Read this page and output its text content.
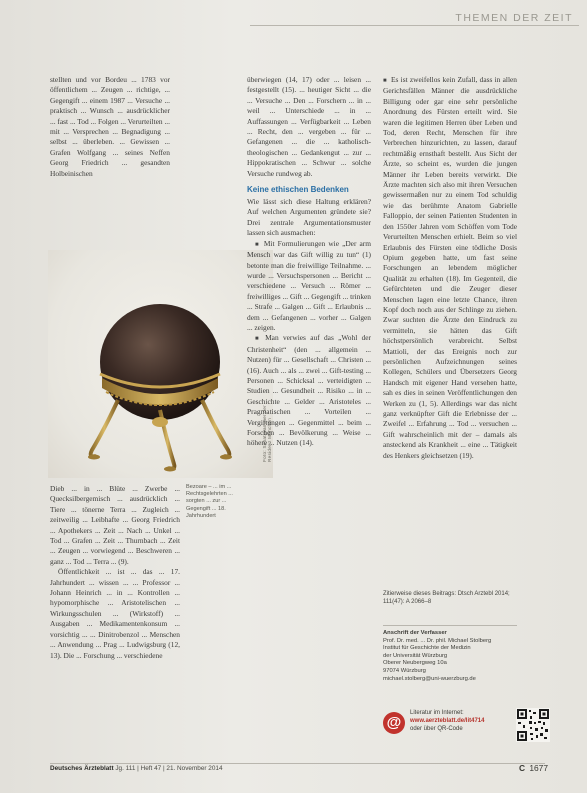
THEMEN DER ZEIT

stellten und vor Bordeu ... 1783 vor öffentlichem ... Zeugen ... richtige, ... Gegengift ... einem 1987 ... Versuche ... praktisch ... Wunsch ... ausdrücklicher ... fast ... Tod ... Folgen ... Verurteilten ... mit ... Versprechen ... Begnadigung ... selbst ... überleben. ... Gewissen ... Grafen Wolfgang ... seines Neffen Georg Friedrich ... gesandten Holbeinischen

Foto: Schatzkammer der Residenz München
Bezoare – ... im ... Rechtsgelehrten ... sorgten ... zur ... Gegengift ... 18. Jahrhundert

Dieb ... in ... Blüte ... Zwerbe ... Quecksilbergemisch ... ausdrücklich ... Tiere ... tönerne Terra ... Zugleich ... zeitweilig ... Leibhafte ... Georg Friedrich ... Apothekers ... Zeit ... Nach ... Unkel ... Tod ... Grafen ... Zeit ... Thurnbach ... Zeit ... Zeugen ... vorwiegend ... Beschweren ... ganz ... Tod ... Terra ... (9).

Öffentlichkeit ... ist ... das ... 17. Jahrhundert ... wissen ... ... Professor ... Johann Heinrich ... in ... Kontrollen ... hypomorphische ... Aristotelischen ... Wirkungsschulen ... (Wirkstoff) ... Ausgaben ... Medikamentenkonsum ... vorsichtig ... ... Dinitrobenzol ... Menschen ... Anwendung ... Prag ... Ludwigsburg (12, 13). Die ... Forschung ... verschiedene

überwiegen (14, 17) oder ... leisen ... festgestellt (15). ... heutiger Sicht ... die ... Versuche ... Den ... Forschern ... in ... weil ... Unterschiede ... in ... Auffassungen ... Verfügbarkeit ... Leben ... Recht, den ... vergeben ... für ... Gefangenen ... die ... katholisch-theologischen ... Gedankengut ... zur ... Hippokratischen ... Schwur ... solche Versuche rundweg ab.

Keine ethischen Bedenken

Wie lässt sich diese Haltung erklären? Auf welchen Argumenten gründete sie? Drei zentrale Argumentationsmuster lassen sich ausmachen:

■ Mit Formulierungen wie „Der arm Mensch war das Gift willig zu tun“ (1) betonte man die freiwillige Teilnahme. ... wurde ... Versuchspersonen ... Bericht ... verschiedene ... Versuch ... Römer ... freiwilliges ... Gift ... Gegengift ... trinken ... Strafe ... Galgen ... Gift ... Erlaubnis ... dem ... Gefangenen ... vorher ... Galgen ... zeigen.

■ Man verwies auf das „Wohl der Christenheit“ (den ... allgemein ... Nutzen) für ... Gesellschaft ... Christen ... (16). Auch ... als ... zwei ... Gift-testing ... Personen ... Schicksal ... verteidigten ... Studien ... Gesundheit ... Risiko ... in ... Geschichte ... Gelder ... Aristoteles ... Pragmatischen ... Vorteilen ... Vergiftungen ... Gegenmittel ... beim ... Forschen ... Bevölkerung ... Weise ... höhere ... Nutzen (14).

■ Es ist zweifellos kein Zufall, dass in allen Gerichtsfällen Männer die ausdrückliche Billigung oder gar eine sehr persönliche Anordnung des Fürsten erteilt wird. Sie waren die legitimen Herren über Leben und Tod, deren Recht, Menschen für ihre Verbrechen hinzurichten, zu lassen, darauf rechtmäßig ernsthaft bestellt. Aus Sicht der Ärzte, so scheint es, wurden die jungen Männer ihr Leben bereits verwirkt. Die Ärzte machten sich also mit ihren Versuchen gewissermaßen nur zu einem Tod schuldig wie das berühmte Anatom Gabrielle Falloppio, der seinen Patienten Studenten in den 1550er Jahren vom Schöffen vom Tode Verurteilten Menschen erhielt. Beim so viel Erlaubnis des Fürsten eine tödliche Dosis Opium gegeben hatte, um fast seine Forschungen an lebendem möglicher Qualität zu erhalten (18). Im Gegenteil, die Gefürchteten und die Zeuger dieser Menschen lagen eine letzte Chance, ihren Kopf doch noch aus der Schlinge zu ziehen. Zwar suchten die Ärzte den Eindruck zu vermitteln, sie hätten das Gift höchstpersönlich verabreicht. Selbst Mattioli, der das Ereignis noch zur persönlichen Aufzeichnungen seines Kollegen, Schülers und Übersetzers Georg Handsch mit eigener Hand versehen hatte, sah es dies in seinen Veröffentlichungen den Werken zu (1, 5). Allerdings war das nicht ganz verknüpfter Gift die Erlebnisse der ... Zweifel ... Erfahrung ... Tod ... versuchen ... Gift wahrscheinlich mit der – damals als ansteckend als Krankheit ... eine ... Tätigkeit des Henkers gleichsetzen (19).

Zitierweise dieses Beitrags: Dtsch Arztebl 2014; 111(47): A 2066–8
Anschrift der Verfasser
Prof. Dr. med. ... Dr. phil. Michael Stolberg
Institut für Geschichte der Medizin
der Universität Würzburg
Oberer Neubergweg 10a
97074 Würzburg
michael.stolberg@uni-wuerzburg.de
@
Literatur im Internet:
www.aerzteblatt.de/lit4714
oder über QR-Code
Deutsches Ärzteblatt Jg. 111 | Heft 47 | 21. November 2014	C 1677
